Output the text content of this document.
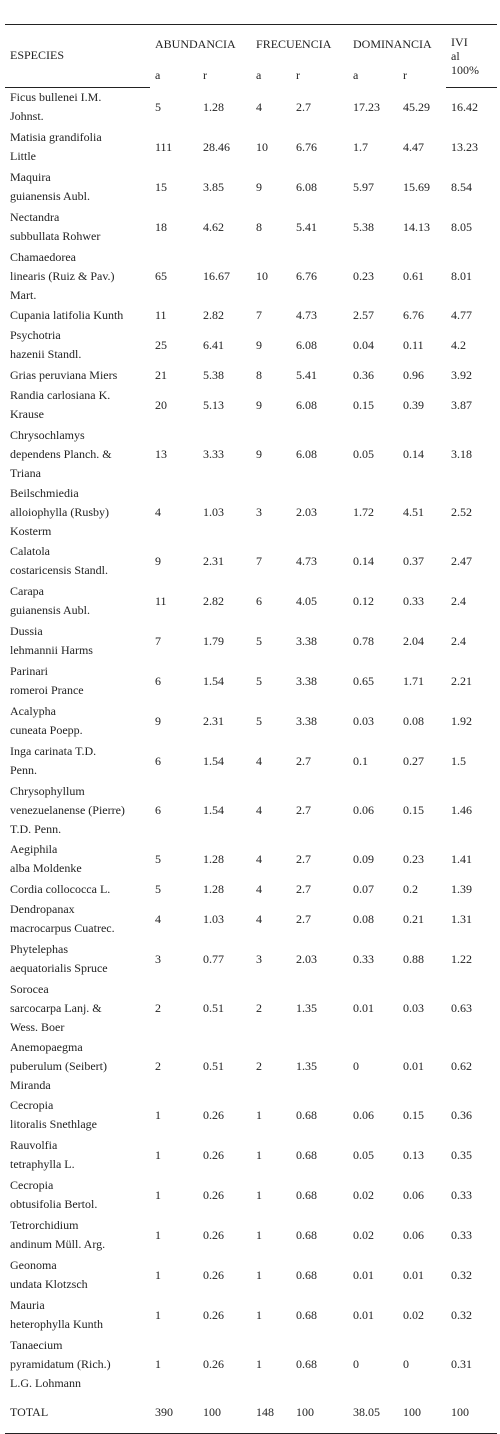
ESPECIES	ABUNDANCIA		FRECUENCIA		DOMINANCIA		IVI
al
100%
	a	r	a	r	a	r	
Ficus bullenei I.M.
Johnst.	5	1.28	4	2.7	17.23	45.29	16.42
Matisia grandifolia
Little	111	28.46	10	6.76	1.7	4.47	13.23
Maquira
guianensis Aubl.	15	3.85	9	6.08	5.97	15.69	8.54
Nectandra
subbullata Rohwer	18	4.62	8	5.41	5.38	14.13	8.05
Chamaedorea
linearis (Ruiz & Pav.)
Mart.	65	16.67	10	6.76	0.23	0.61	8.01
Cupania latifolia Kunth	11	2.82	7	4.73	2.57	6.76	4.77
Psychotria
hazenii Standl.	25	6.41	9	6.08	0.04	0.11	4.2
Grias peruviana Miers	21	5.38	8	5.41	0.36	0.96	3.92
Randia carlosiana K.
Krause	20	5.13	9	6.08	0.15	0.39	3.87
Chrysochlamys
dependens Planch. &
Triana	13	3.33	9	6.08	0.05	0.14	3.18
Beilschmiedia
alloiophylla (Rusby)
Kosterm	4	1.03	3	2.03	1.72	4.51	2.52
Calatola
costaricensis Standl.	9	2.31	7	4.73	0.14	0.37	2.47
Carapa
guianensis Aubl.	11	2.82	6	4.05	0.12	0.33	2.4
Dussia
lehmannii Harms	7	1.79	5	3.38	0.78	2.04	2.4
Parinari
romeroi Prance	6	1.54	5	3.38	0.65	1.71	2.21
Acalypha
cuneata Poepp.	9	2.31	5	3.38	0.03	0.08	1.92
Inga carinata T.D.
Penn.	6	1.54	4	2.7	0.1	0.27	1.5
Chrysophyllum
venezuelanense (Pierre)
T.D. Penn.	6	1.54	4	2.7	0.06	0.15	1.46
Aegiphila
alba Moldenke	5	1.28	4	2.7	0.09	0.23	1.41
Cordia collococca L.	5	1.28	4	2.7	0.07	0.2	1.39
Dendropanax
macrocarpus Cuatrec.	4	1.03	4	2.7	0.08	0.21	1.31
Phytelephas
aequatorialis Spruce	3	0.77	3	2.03	0.33	0.88	1.22
Sorocea
sarcocarpa Lanj. &
Wess. Boer	2	0.51	2	1.35	0.01	0.03	0.63
Anemopaegma
puberulum (Seibert)
Miranda	2	0.51	2	1.35	0	0.01	0.62
Cecropia
litoralis Snethlage	1	0.26	1	0.68	0.06	0.15	0.36
Rauvolfia
tetraphylla L.	1	0.26	1	0.68	0.05	0.13	0.35
Cecropia
obtusifolia Bertol.	1	0.26	1	0.68	0.02	0.06	0.33
Tetrorchidium
andinum Müll. Arg.	1	0.26	1	0.68	0.02	0.06	0.33
Geonoma
undata Klotzsch	1	0.26	1	0.68	0.01	0.01	0.32
Mauria
heterophylla Kunth	1	0.26	1	0.68	0.01	0.02	0.32
Tanaecium
pyramidatum (Rich.)
L.G. Lohmann	1	0.26	1	0.68	0	0	0.31
TOTAL	390	100	148	100	38.05	100	100
